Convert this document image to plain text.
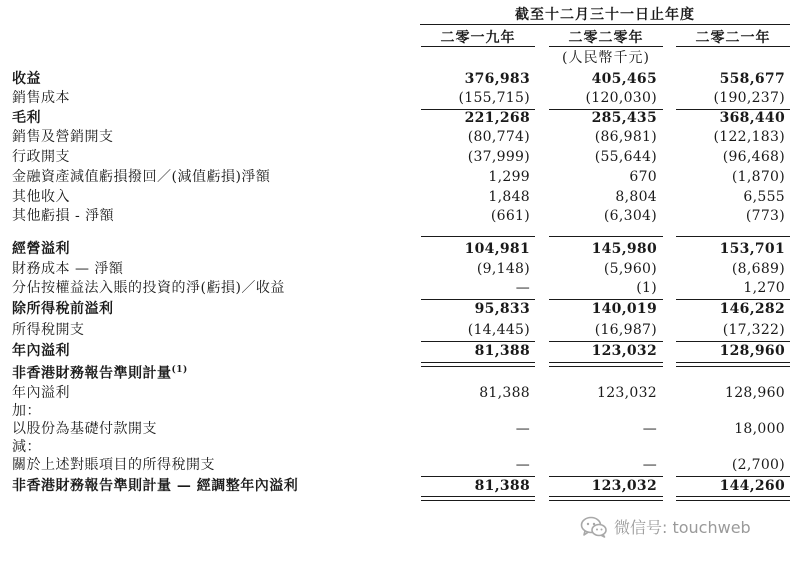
截至十二月三十一日止年度
二零一九年	二零二零年	二零二一年
(人民幣千元)
收益	376,983	405,465	558,677
銷售成本	(155,715)	(120,030)	(190,237)
毛利	221,268	285,435	368,440
銷售及營銷開支	(80,774)	(86,981)	(122,183)
行政開支	(37,999)	(55,644)	(96,468)
金融資產減值虧損撥回／(減值虧損)淨額	1,299	670	(1,870)
其他收入	1,848	8,804	6,555
其他虧損 - 淨額	(661)	(6,304)	(773)
經營溢利	104,981	145,980	153,701
財務成本 — 淨額	(9,148)	(5,960)	(8,689)
分佔按權益法入賬的投資的淨(虧損)／收益	—	(1)	1,270
除所得稅前溢利	95,833	140,019	146,282
所得稅開支	(14,445)	(16,987)	(17,322)
年內溢利	81,388	123,032	128,960
非香港財務報告準則計量$^{(1)}$
年內溢利	81,388	123,032	128,960
加：
以股份為基礎付款開支	—	—	18,000
減：
關於上述對賬項目的所得稅開支	—	—	(2,700)
非香港財務報告準則計量 — 經調整年內溢利	81,388	123,032	144,260
微信号: touchweb
